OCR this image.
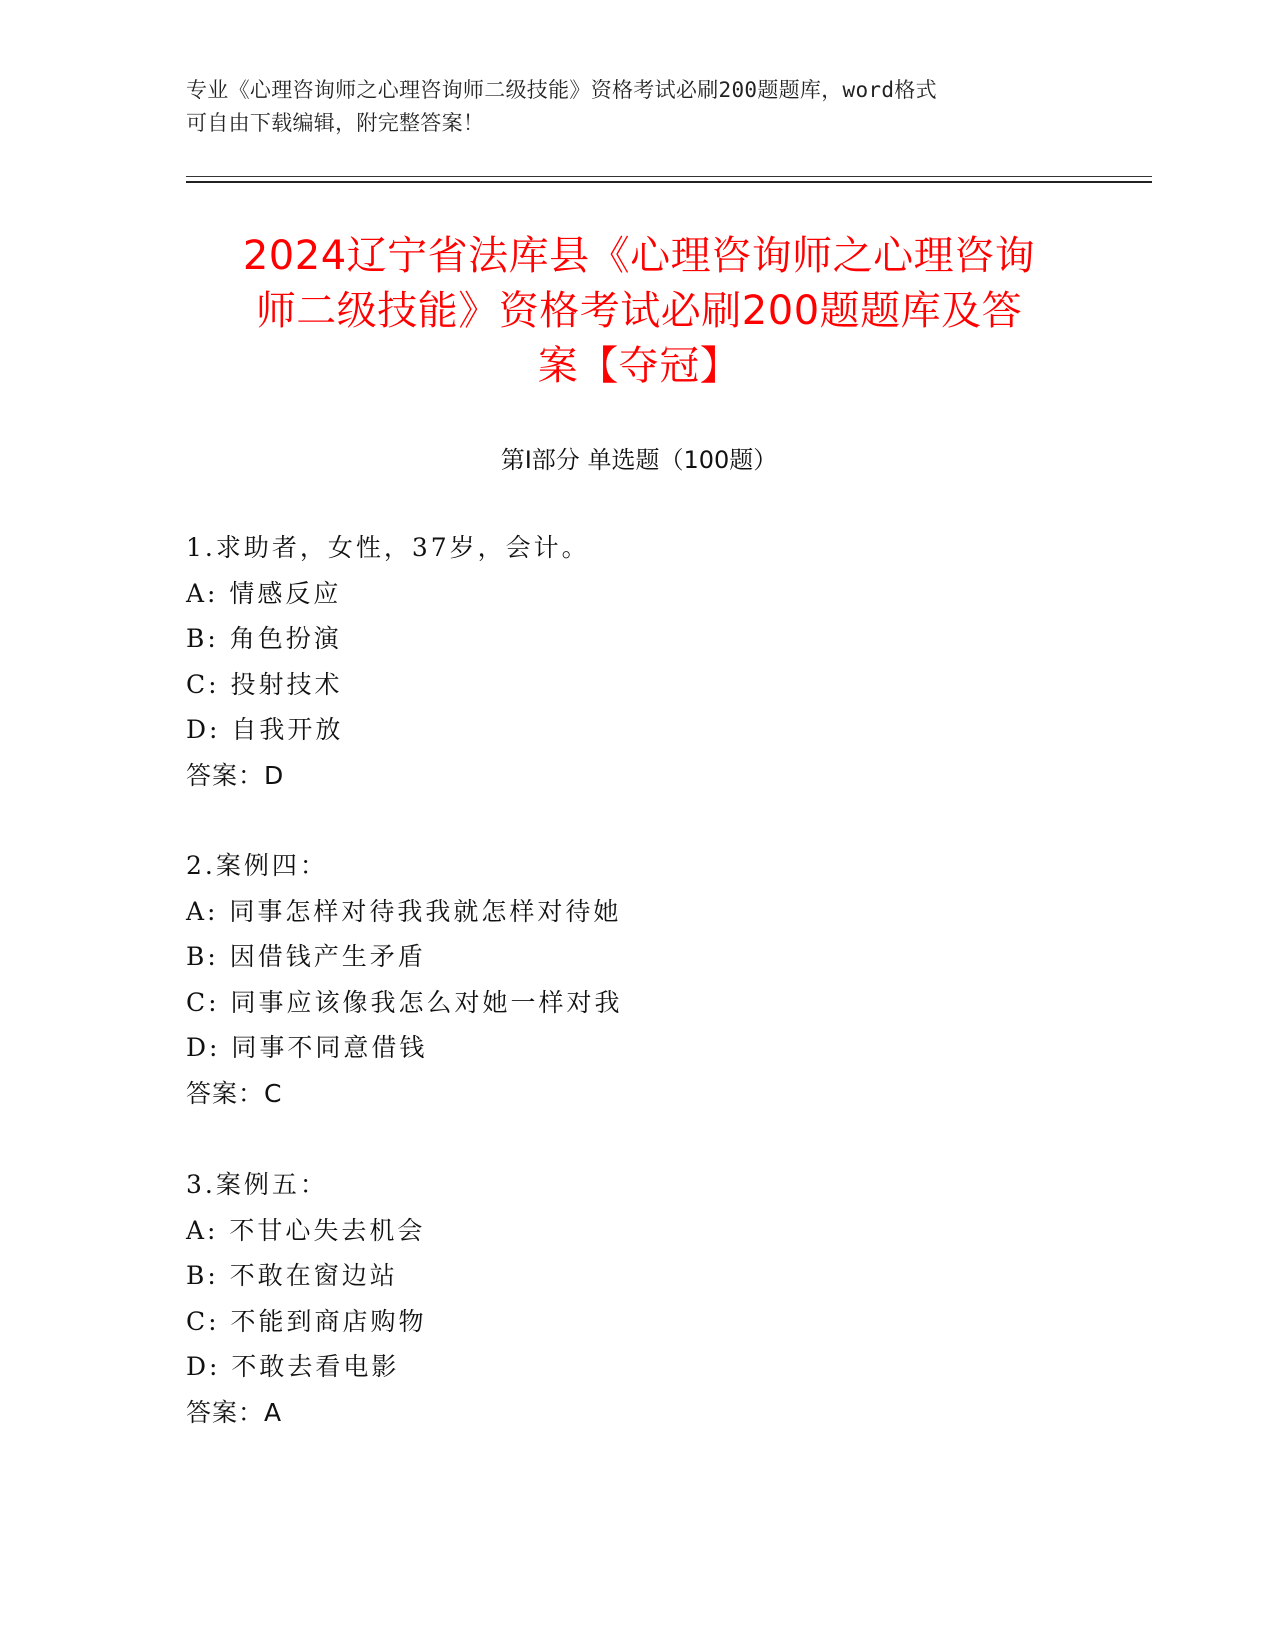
专业《心理咨询师之心理咨询师二级技能》资格考试必刷200题题库，word格式
可自由下载编辑，附完整答案！
2024辽宁省法库县《心理咨询师之心理咨询
师二级技能》资格考试必刷200题题库及答
案【夺冠】
第I部分 单选题（100题）
1.求助者，女性，37岁，会计。
A: 情感反应
B: 角色扮演
C: 投射技术
D: 自我开放
答案：D
2.案例四：
A: 同事怎样对待我我就怎样对待她
B: 因借钱产生矛盾
C: 同事应该像我怎么对她一样对我
D: 同事不同意借钱
答案：C
3.案例五：
A: 不甘心失去机会
B: 不敢在窗边站
C: 不能到商店购物
D: 不敢去看电影
答案：A
